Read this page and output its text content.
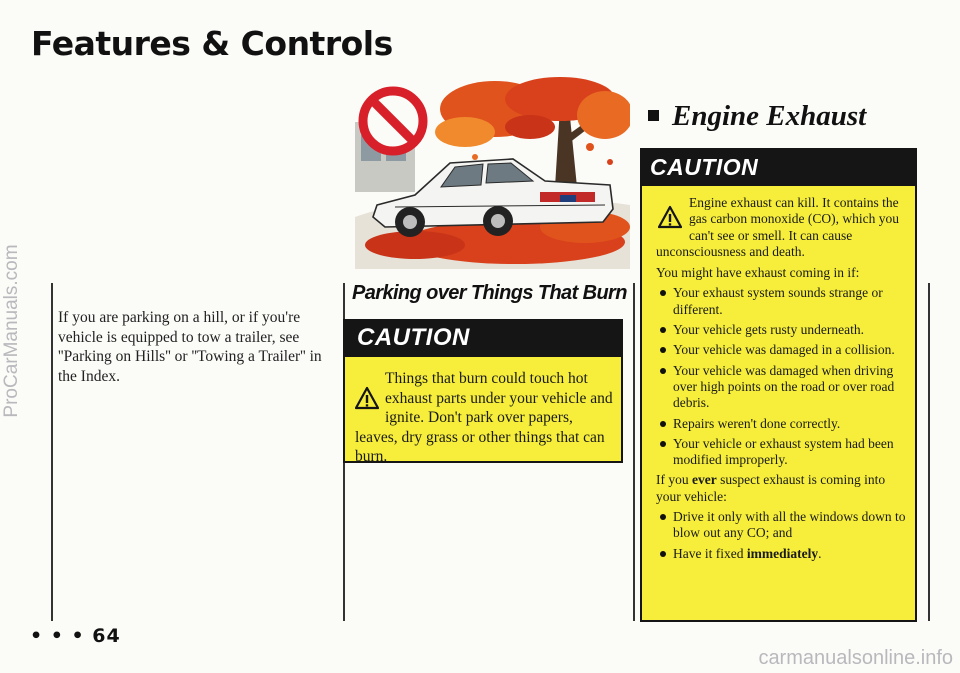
Features & Controls
ProCarManuals.com
carmanualsonline.info
If you are parking on a hill, or if you're vehicle is equipped to tow a trailer, see ''Parking on Hills'' or ''Towing a Trailer'' in the Index.
• • • 64
Parking over Things That Burn
CAUTION
Things that burn could touch hot exhaust parts under your vehicle and ignite. Don't park over papers, leaves, dry grass or other things that can burn.
Engine Exhaust
CAUTION
Engine exhaust can kill. It contains the gas carbon monoxide (CO), which you can't see or smell. It can cause unconsciousness and death.

You might have exhaust coming in if:

Your exhaust system sounds strange or different.
Your vehicle gets rusty underneath.
Your vehicle was damaged in a collision.
Your vehicle was damaged when driving over high points on the road or over road debris.
Repairs weren't done correctly.
Your vehicle or exhaust system had been modified improperly.

If you ever suspect exhaust is coming into your vehicle:

Drive it only with all the windows down to blow out any CO; and
Have it fixed immediately.
